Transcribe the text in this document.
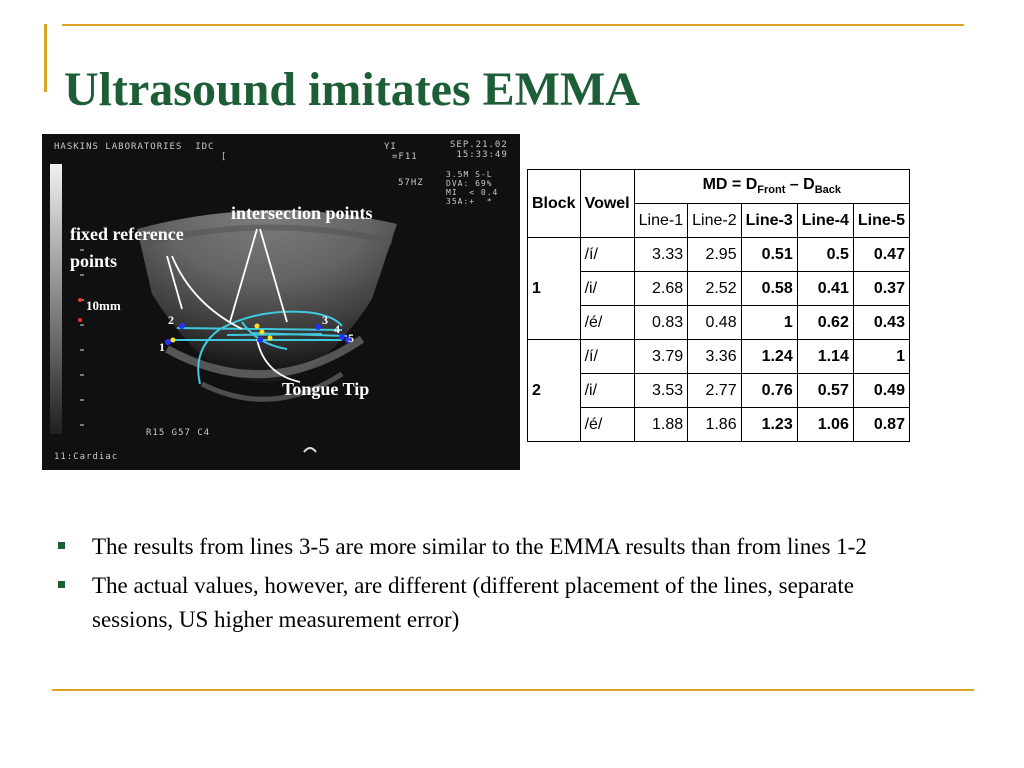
Ultrasound imitates EMMA
HASKINS LABORATORIES  IDC
[
YI	SEP.21.02
15:33:49
=F11
57HZ
3.5M S-L
DVA: 69%
MI  < 0.4
35A:+  *
R15 G57 C4
11:Cardiac
10mm
fixed reference
points
intersection points
Tongue Tip
1
2	3
4
5
Block	Vowel	MD = $D_{Front} - D_{Back}$
		Line-1	Line-2	Line-3	Line-4	Line-5
1	/í/	3.33	2.95	0.51	0.5	0.47
	/i/	2.68	2.52	0.58	0.41	0.37
	/é/	0.83	0.48	1	0.62	0.43
2	/í/	3.79	3.36	1.24	1.14	1
	/i/	3.53	2.77	0.76	0.57	0.49
	/é/	1.88	1.86	1.23	1.06	0.87
The results from lines 3-5 are more similar to the EMMA results than from lines 1-2
The actual values, however, are different (different placement of the lines, separate sessions, US higher measurement error)
